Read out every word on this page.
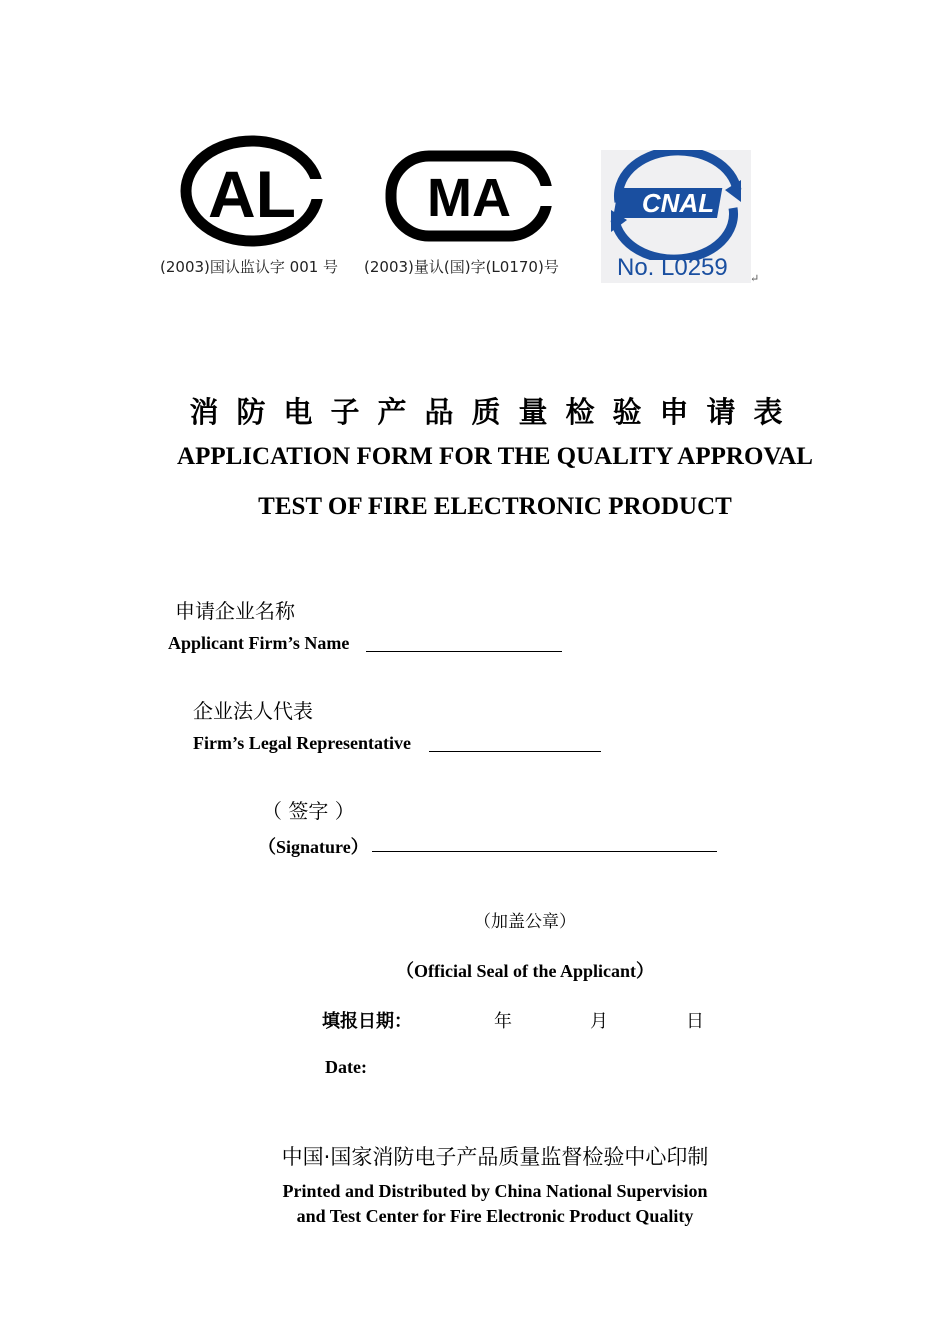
AL
(2003)国认监认字 001 号
MA
(2003)量认(国)字(L0170)号
CNAL
No. L0259 ↵
消防电子产品质量检验申请表
APPLICATION FORM FOR THE QUALITY APPROVAL
TEST OF FIRE ELECTRONIC PRODUCT
申请企业名称
Applicant Firm’s Name
企业法人代表
Firm’s Legal Representative
（ 签字 ）
（Signature）
（加盖公章）
（Official Seal of the Applicant）
填报日期：	年	月	日
Date:
中国·国家消防电子产品质量监督检验中心印制
Printed and Distributed by China National Supervision
and Test Center for Fire Electronic Product Quality
